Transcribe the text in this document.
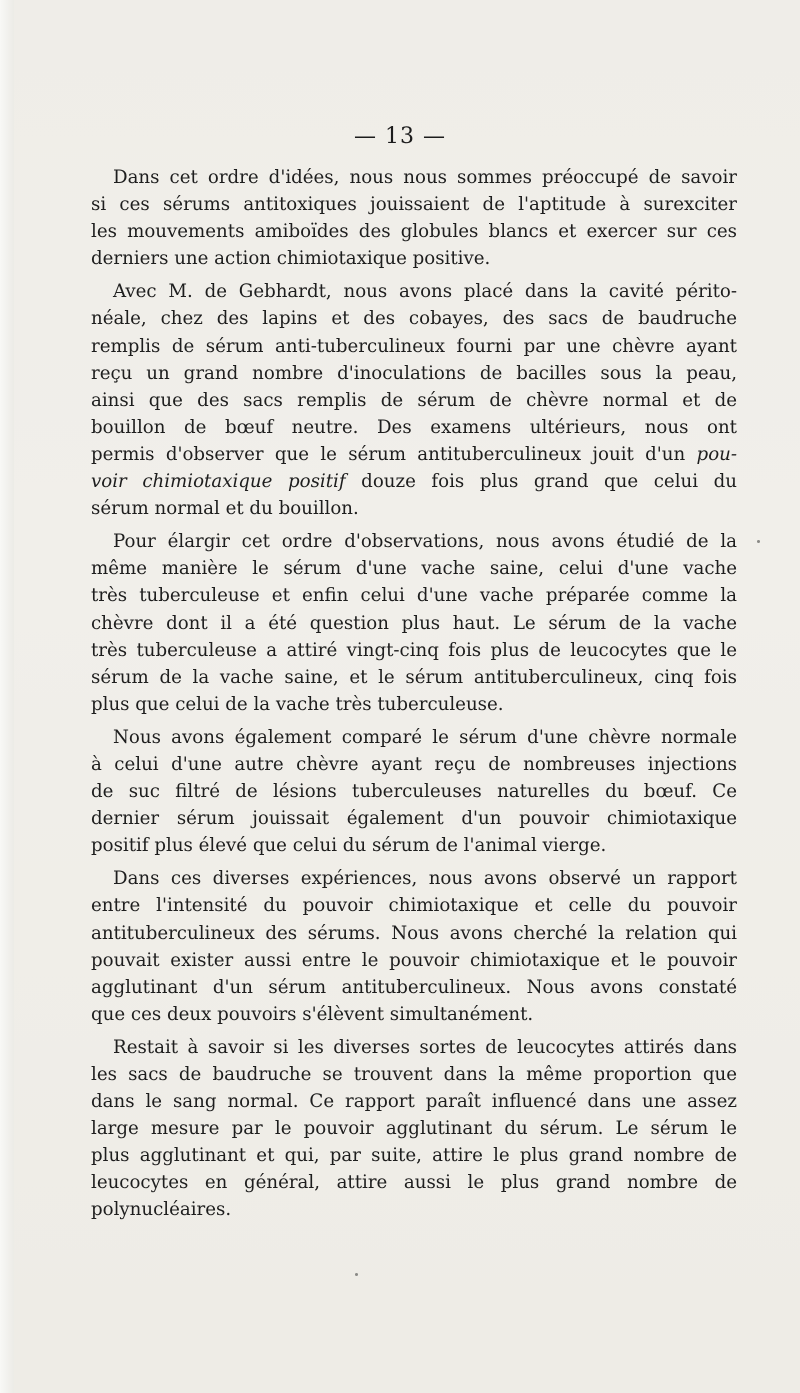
— 13 —

Dans cet ordre d'idées, nous nous sommes préoccupé de savoir
si ces sérums antitoxiques jouissaient de l'aptitude à surexciter
les mouvements amiboïdes des globules blancs et exercer sur ces
derniers une action chimiotaxique positive.

Avec M. de Gebhardt, nous avons placé dans la cavité périto-
néale, chez des lapins et des cobayes, des sacs de baudruche
remplis de sérum anti-tuberculineux fourni par une chèvre ayant
reçu un grand nombre d'inoculations de bacilles sous la peau,
ainsi que des sacs remplis de sérum de chèvre normal et de
bouillon de bœuf neutre. Des examens ultérieurs, nous ont
permis d'observer que le sérum antituberculineux jouit d'un pou-
voir chimiotaxique positif douze fois plus grand que celui du
sérum normal et du bouillon.

Pour élargir cet ordre d'observations, nous avons étudié de la
même manière le sérum d'une vache saine, celui d'une vache
très tuberculeuse et enfin celui d'une vache préparée comme la
chèvre dont il a été question plus haut. Le sérum de la vache
très tuberculeuse a attiré vingt-cinq fois plus de leucocytes que le
sérum de la vache saine, et le sérum antituberculineux, cinq fois
plus que celui de la vache très tuberculeuse.

Nous avons également comparé le sérum d'une chèvre normale
à celui d'une autre chèvre ayant reçu de nombreuses injections
de suc filtré de lésions tuberculeuses naturelles du bœuf. Ce
dernier sérum jouissait également d'un pouvoir chimiotaxique
positif plus élevé que celui du sérum de l'animal vierge.

Dans ces diverses expériences, nous avons observé un rapport
entre l'intensité du pouvoir chimiotaxique et celle du pouvoir
antituberculineux des sérums. Nous avons cherché la relation qui
pouvait exister aussi entre le pouvoir chimiotaxique et le pouvoir
agglutinant d'un sérum antituberculineux. Nous avons constaté
que ces deux pouvoirs s'élèvent simultanément.

Restait à savoir si les diverses sortes de leucocytes attirés dans
les sacs de baudruche se trouvent dans la même proportion que
dans le sang normal. Ce rapport paraît influencé dans une assez
large mesure par le pouvoir agglutinant du sérum. Le sérum le
plus agglutinant et qui, par suite, attire le plus grand nombre de
leucocytes en général, attire aussi le plus grand nombre de
polynucléaires.
